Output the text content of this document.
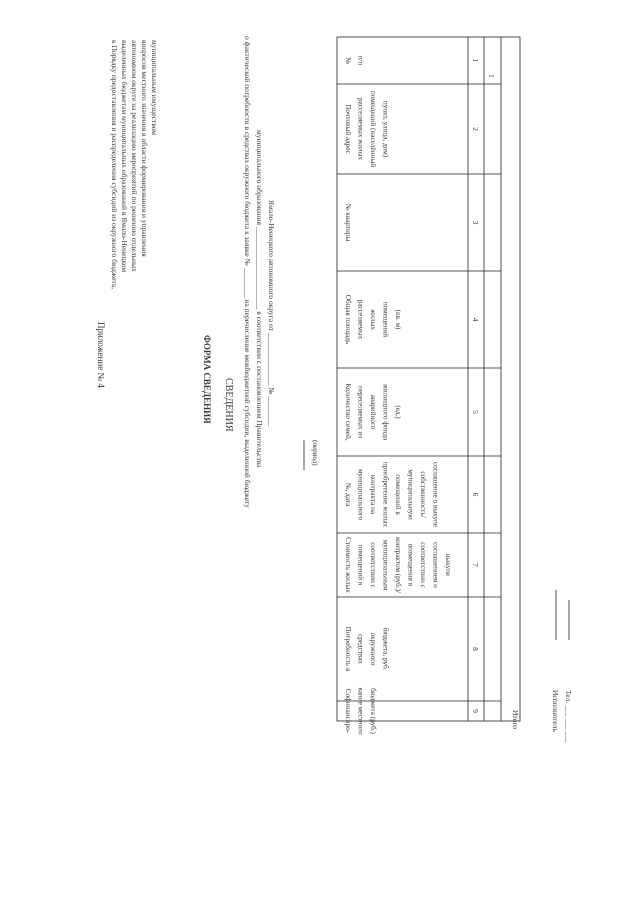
Приложение № 4
к Порядку предоставления и распределения субсидий из окружного бюджета, выделенных бюджетам муниципальных образований в Ямало-Ненецком автономном округе на реализацию мероприятий по решению отдельных вопросов местного значения в области формирования и управления муниципальным имуществом
ФОРМА СВЕДЕНИЯ СВЕДЕНИЯ о фактической потребности в средствах окружного бюджета к заявке № ________ на перечисление межбюджетной субсидии, выделенной бюджету муниципального образования ______________________ в соответствии с постановлением Правительства Ямало-Ненецкого автономного округа от ______________ № ________
(период)
№ п/п
Почтовый адрес расселяемых жилых помещений (населённый пункт, улица, дом)
№ квартиры
Общая площадь расселяемых жилых помещений (кв. м)
Количество семей, переселяемых из аварийного жилищного фонда (ед.)
№, дата муниципального контракта на приобретение жилых помещений в муниципальную собственность/ соглашение о выкупе
Стоимость жилых помещений в соответствии с муниципальным контрактом (руб.)/ возмещения в соответствии с соглашением о выкупе
Потребность в средствах окружного бюджета, руб.
Софинансиро- вание местного бюджета (руб.)
1
2
3
4
5
6
7
8
9
1
Итого	Исполнитель Тел. ___ ___ ___
